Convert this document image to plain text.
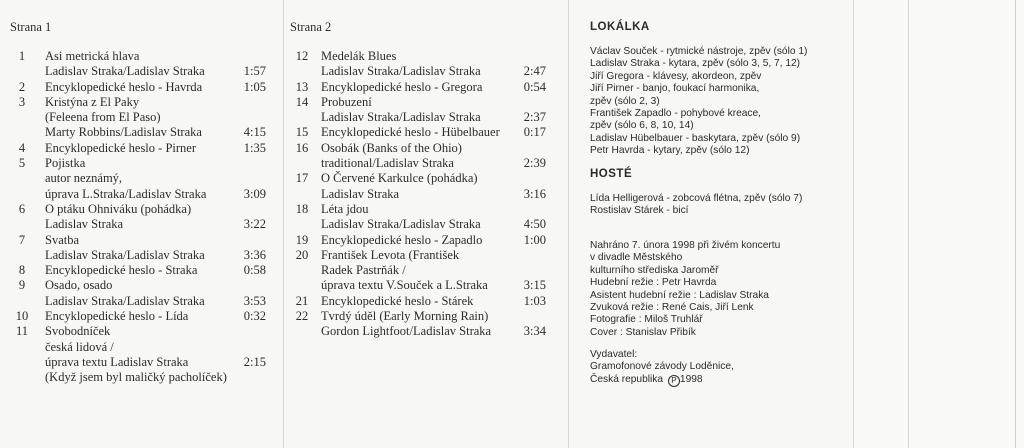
Strana 1
1	Asi metrická hlava
Ladislav Straka/Ladislav Straka	1:57
2	Encyklopedické heslo - Havrda	1:05
3	Kristýna z El Paky
(Feleena from El Paso)
Marty Robbins/Ladislav Straka	4:15
4	Encyklopedické heslo - Pirner	1:35
5	Pojistka
autor neznámý,
úprava L.Straka/Ladislav Straka	3:09
6	O ptáku Ohniváku (pohádka)
Ladislav Straka	3:22
7	Svatba
Ladislav Straka/Ladislav Straka	3:36
8	Encyklopedické heslo - Straka	0:58
9	Osado, osado
Ladislav Straka/Ladislav Straka	3:53
10	Encyklopedické heslo - Lída	0:32
11	Svobodníček
česká lidová /
úprava textu Ladislav Straka	2:15
(Když jsem byl maličký pacholíček)
Strana 2
12	Medelák Blues
Ladislav Straka/Ladislav Straka	2:47
13	Encyklopedické heslo - Gregora	0:54
14	Probuzení
Ladislav Straka/Ladislav Straka	2:37
15	Encyklopedické heslo - Hübelbauer 0:17
16	Osobák (Banks of the Ohio)
traditional/Ladislav Straka	2:39
17	O Červené Karkulce (pohádka)
Ladislav Straka	3:16
18	Léta jdou
Ladislav Straka/Ladislav Straka	4:50
19	Encyklopedické heslo - Zapadlo	1:00
20	František Levota (František
Radek Pastrňák /
úprava textu V.Souček a L.Straka	3:15
21	Encyklopedické heslo - Stárek	1:03
22	Tvrdý úděl (Early Morning Rain)
Gordon Lightfoot/Ladislav Straka	3:34
LOKÁLKA
Václav Souček - rytmické nástroje, zpěv (sólo 1)
Ladislav Straka - kytara, zpěv (sólo 3, 5, 7, 12)
Jiří Gregora - klávesy, akordeon, zpěv
Jiří Pirner - banjo, foukací harmonika,
zpěv (sólo 2, 3)
František Zapadlo - pohybové kreace,
zpěv (sólo 6, 8, 10, 14)
Ladislav Hübelbauer - baskytara, zpěv (sólo 9)
Petr Havrda - kytary, zpěv (sólo 12)
HOSTÉ
Lída Helligerová - zobcová flétna, zpěv (sólo 7)
Rostislav Stárek - bicí
Nahráno 7. února 1998 při živém koncertu
v divadle Městského
kulturního střediska Jaroměř
Hudební režie : Petr Havrda
Asistent hudební režie : Ladislav Straka
Zvuková režie : René Cais, Jiří Lenk
Fotografie : Miloš Truhlář
Cover : Stanislav Přibík
Vydavatel:
Gramofonové závody Loděnice,
Česká republika P 1998
